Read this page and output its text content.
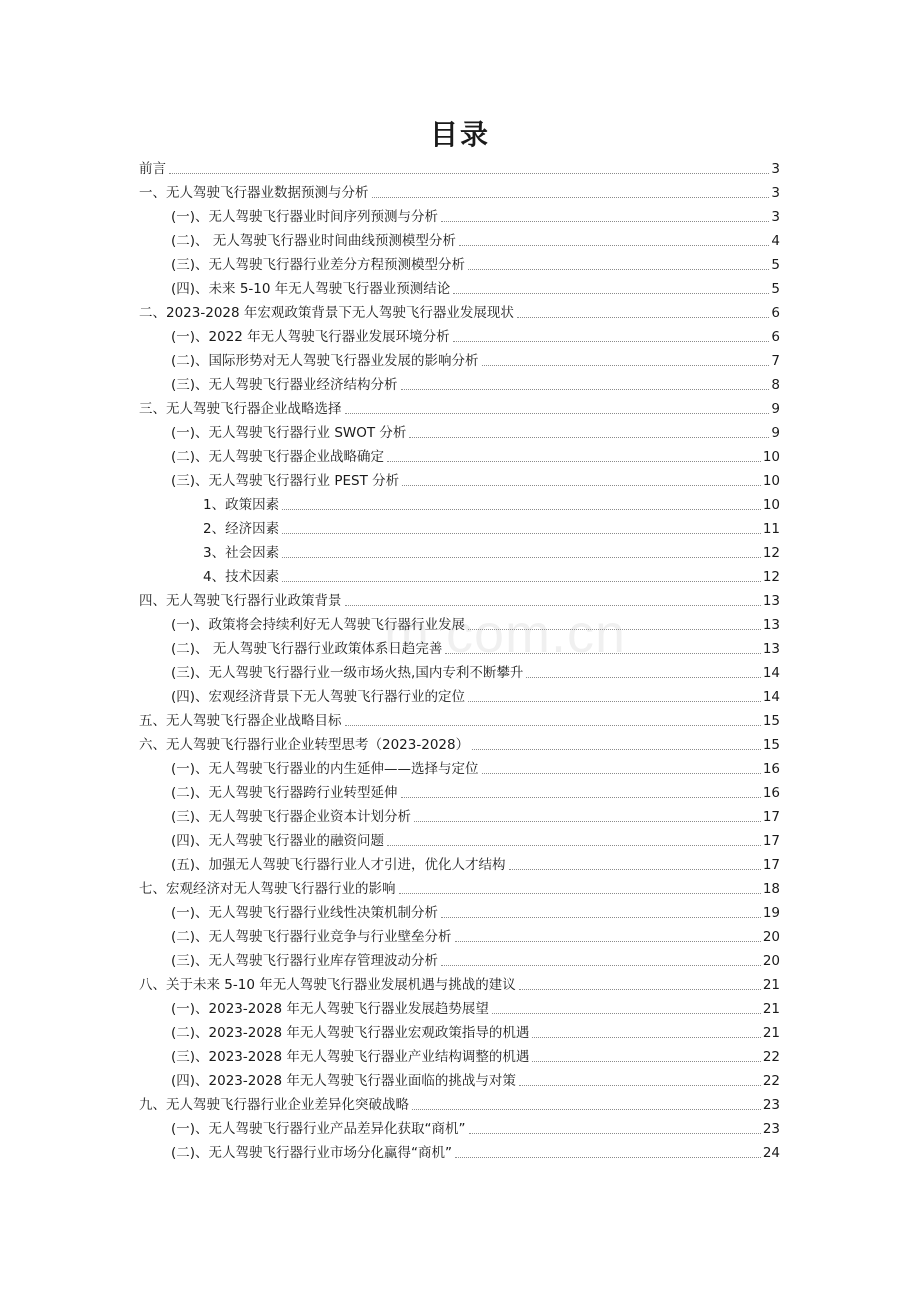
目录
m.com.cn
前言	3
一、无人驾驶飞行器业数据预测与分析	3
(一)、无人驾驶飞行器业时间序列预测与分析	3
(二)、 无人驾驶飞行器业时间曲线预测模型分析	4
(三)、无人驾驶飞行器行业差分方程预测模型分析	5
(四)、未来 5-10 年无人驾驶飞行器业预测结论	5
二、2023-2028 年宏观政策背景下无人驾驶飞行器业发展现状	6
(一)、2022 年无人驾驶飞行器业发展环境分析	6
(二)、国际形势对无人驾驶飞行器业发展的影响分析	7
(三)、无人驾驶飞行器业经济结构分析	8
三、无人驾驶飞行器企业战略选择	9
(一)、无人驾驶飞行器行业 SWOT 分析	9
(二)、无人驾驶飞行器企业战略确定	10
(三)、无人驾驶飞行器行业 PEST 分析	10
1、政策因素	10
2、经济因素	11
3、社会因素	12
4、技术因素	12
四、无人驾驶飞行器行业政策背景	13
(一)、政策将会持续利好无人驾驶飞行器行业发展	13
(二)、 无人驾驶飞行器行业政策体系日趋完善	13
(三)、无人驾驶飞行器行业一级市场火热,国内专利不断攀升	14
(四)、宏观经济背景下无人驾驶飞行器行业的定位	14
五、无人驾驶飞行器企业战略目标	15
六、无人驾驶飞行器行业企业转型思考（2023-2028）	15
(一)、无人驾驶飞行器业的内生延伸——选择与定位	16
(二)、无人驾驶飞行器跨行业转型延伸	16
(三)、无人驾驶飞行器企业资本计划分析	17
(四)、无人驾驶飞行器业的融资问题	17
(五)、加强无人驾驶飞行器行业人才引进，优化人才结构	17
七、宏观经济对无人驾驶飞行器行业的影响	18
(一)、无人驾驶飞行器行业线性决策机制分析	19
(二)、无人驾驶飞行器行业竞争与行业壁垒分析	20
(三)、无人驾驶飞行器行业库存管理波动分析	20
八、关于未来 5-10 年无人驾驶飞行器业发展机遇与挑战的建议	21
(一)、2023-2028 年无人驾驶飞行器业发展趋势展望	21
(二)、2023-2028 年无人驾驶飞行器业宏观政策指导的机遇	21
(三)、2023-2028 年无人驾驶飞行器业产业结构调整的机遇	22
(四)、2023-2028 年无人驾驶飞行器业面临的挑战与对策	22
九、无人驾驶飞行器行业企业差异化突破战略	23
(一)、无人驾驶飞行器行业产品差异化获取“商机”	23
(二)、无人驾驶飞行器行业市场分化赢得“商机”	24
